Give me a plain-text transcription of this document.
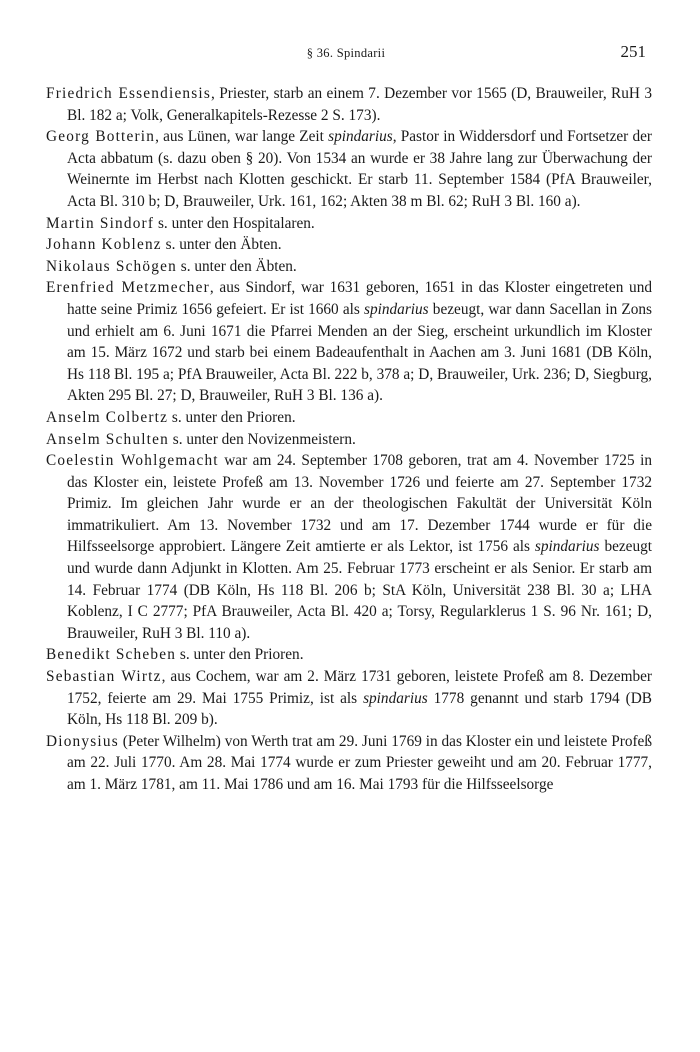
§ 36. Spindarii	251

Friedrich Essendiensis, Priester, starb an einem 7. Dezember vor 1565 (D, Brauweiler, RuH 3 Bl. 182 a; Volk, Generalkapitels-Rezesse 2 S. 173).

Georg Botterin, aus Lünen, war lange Zeit spindarius, Pastor in Widdersdorf und Fortsetzer der Acta abbatum (s. dazu oben § 20). Von 1534 an wurde er 38 Jahre lang zur Überwachung der Weinernte im Herbst nach Klotten geschickt. Er starb 11. September 1584 (PfA Brauweiler, Acta Bl. 310 b; D, Brauweiler, Urk. 161, 162; Akten 38 m Bl. 62; RuH 3 Bl. 160 a).

Martin Sindorf s. unter den Hospitalaren.

Johann Koblenz s. unter den Äbten.

Nikolaus Schögen s. unter den Äbten.

Erenfried Metzmecher, aus Sindorf, war 1631 geboren, 1651 in das Kloster eingetreten und hatte seine Primiz 1656 gefeiert. Er ist 1660 als spindarius bezeugt, war dann Sacellan in Zons und erhielt am 6. Juni 1671 die Pfarrei Menden an der Sieg, erscheint urkundlich im Kloster am 15. März 1672 und starb bei einem Badeaufenthalt in Aachen am 3. Juni 1681 (DB Köln, Hs 118 Bl. 195 a; PfA Brauweiler, Acta Bl. 222 b, 378 a; D, Brauweiler, Urk. 236; D, Siegburg, Akten 295 Bl. 27; D, Brauweiler, RuH 3 Bl. 136 a).

Anselm Colbertz s. unter den Prioren.

Anselm Schulten s. unter den Novizenmeistern.

Coelestin Wohlgemacht war am 24. September 1708 geboren, trat am 4. November 1725 in das Kloster ein, leistete Profeß am 13. November 1726 und feierte am 27. September 1732 Primiz. Im gleichen Jahr wurde er an der theologischen Fakultät der Universität Köln immatrikuliert. Am 13. November 1732 und am 17. Dezember 1744 wurde er für die Hilfsseelsorge approbiert. Längere Zeit amtierte er als Lektor, ist 1756 als spindarius bezeugt und wurde dann Adjunkt in Klotten. Am 25. Februar 1773 erscheint er als Senior. Er starb am 14. Februar 1774 (DB Köln, Hs 118 Bl. 206 b; StA Köln, Universität 238 Bl. 30 a; LHA Koblenz, I C 2777; PfA Brauweiler, Acta Bl. 420 a; Torsy, Regularklerus 1 S. 96 Nr. 161; D, Brauweiler, RuH 3 Bl. 110 a).

Benedikt Scheben s. unter den Prioren.

Sebastian Wirtz, aus Cochem, war am 2. März 1731 geboren, leistete Profeß am 8. Dezember 1752, feierte am 29. Mai 1755 Primiz, ist als spindarius 1778 genannt und starb 1794 (DB Köln, Hs 118 Bl. 209 b).

Dionysius (Peter Wilhelm) von Werth trat am 29. Juni 1769 in das Kloster ein und leistete Profeß am 22. Juli 1770. Am 28. Mai 1774 wurde er zum Priester geweiht und am 20. Februar 1777, am 1. März 1781, am 11. Mai 1786 und am 16. Mai 1793 für die Hilfsseelsorge
